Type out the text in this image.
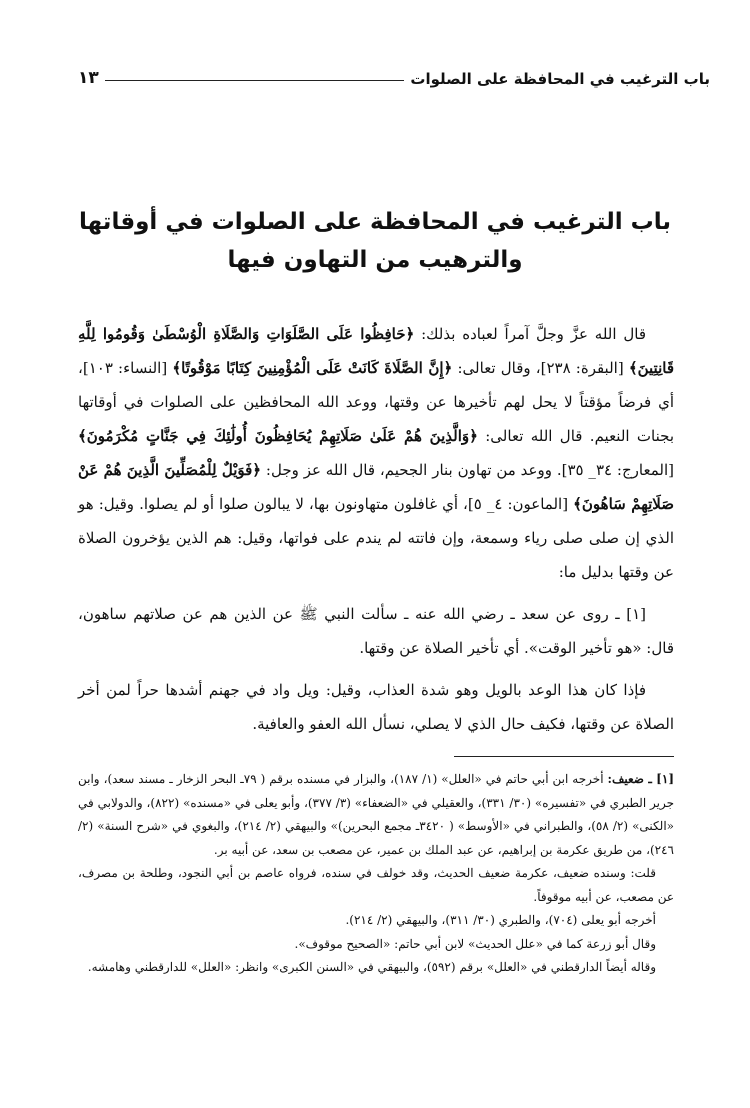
باب الترغيب في المحافظة على الصلوات
١٣
باب الترغيب في المحافظة على الصلوات في أوقاتها والترهيب من التهاون فيها

قال الله عزَّ وجلَّ آمراً لعباده بذلك: ﴿حَافِظُوا عَلَى الصَّلَوَاتِ وَالصَّلَاةِ الْوُسْطَىٰ وَقُومُوا لِلَّهِ قَانِتِينَ﴾ [البقرة: ٢٣٨]، وقال تعالى: ﴿إِنَّ الصَّلَاةَ كَانَتْ عَلَى الْمُؤْمِنِينَ كِتَابًا مَوْقُوتًا﴾ [النساء: ١٠٣]، أي فرضاً مؤقتاً لا يحل لهم تأخيرها عن وقتها، ووعد الله المحافظين على الصلوات في أوقاتها بجنات النعيم. قال الله تعالى: ﴿وَالَّذِينَ هُمْ عَلَىٰ صَلَاتِهِمْ يُحَافِظُونَ أُولَٰئِكَ فِي جَنَّاتٍ مُكْرَمُونَ﴾ [المعارج: ٣٤_ ٣٥]. ووعد من تهاون بنار الجحيم، قال الله عز وجل: ﴿فَوَيْلٌ لِلْمُصَلِّينَ الَّذِينَ هُمْ عَنْ صَلَاتِهِمْ سَاهُونَ﴾ [الماعون: ٤_ ٥]، أي غافلون متهاونون بها، لا يبالون صلوا أو لم يصلوا. وقيل: هو الذي إن صلى صلى رياء وسمعة، وإن فاتته لم يندم على فواتها، وقيل: هم الذين يؤخرون الصلاة عن وقتها بدليل ما:

[١] ـ روى عن سعد ـ رضي الله عنه ـ سألت النبي ﷺ عن الذين هم عن صلاتهم ساهون، قال: «هو تأخير الوقت». أي تأخير الصلاة عن وقتها.

فإذا كان هذا الوعد بالويل وهو شدة العذاب، وقيل: ويل واد في جهنم أشدها حراً لمن أخر الصلاة عن وقتها، فكيف حال الذي لا يصلي، نسأل الله العفو والعافية.

[١] ـ ضعيف: أخرجه ابن أبي حاتم في «العلل» (١/ ١٨٧)، والبزار في مسنده برقم ( ٧٩ـ البحر الزخار ـ مسند سعد)، وابن جرير الطبري في «تفسيره» (٣٠/ ٣٣١)، والعقيلي في «الضعفاء» (٣/ ٣٧٧)، وأبو يعلى في «مسنده» (٨٢٢)، والدولابي في «الكنى» (٢/ ٥٨)، والطبراني في «الأوسط» ( ٣٤٢٠ـ مجمع البحرين)» والبيهقي (٢/ ٢١٤)، والبغوي في «شرح السنة» (٢/ ٢٤٦)، من طريق عكرمة بن إبراهيم، عن عبد الملك بن عمير، عن مصعب بن سعد، عن أبيه بر.

قلت: وسنده ضعيف، عكرمة ضعيف الحديث، وقد خولف في سنده، فرواه عاصم بن أبي النجود، وطلحة بن مصرف، عن مصعب، عن أبيه موقوفاً.

أخرجه أبو يعلى (٧٠٤)، والطبري (٣٠/ ٣١١)، والبيهقي (٢/ ٢١٤).

وقال أبو زرعة كما في «علل الحديث» لابن أبي حاتم: «الصحيح موقوف».

وقاله أيضاً الدارقطني في «العلل» برقم (٥٩٢)، والبيهقي في «السنن الكبرى» وانظر: «العلل» للدارقطني وهامشه.
